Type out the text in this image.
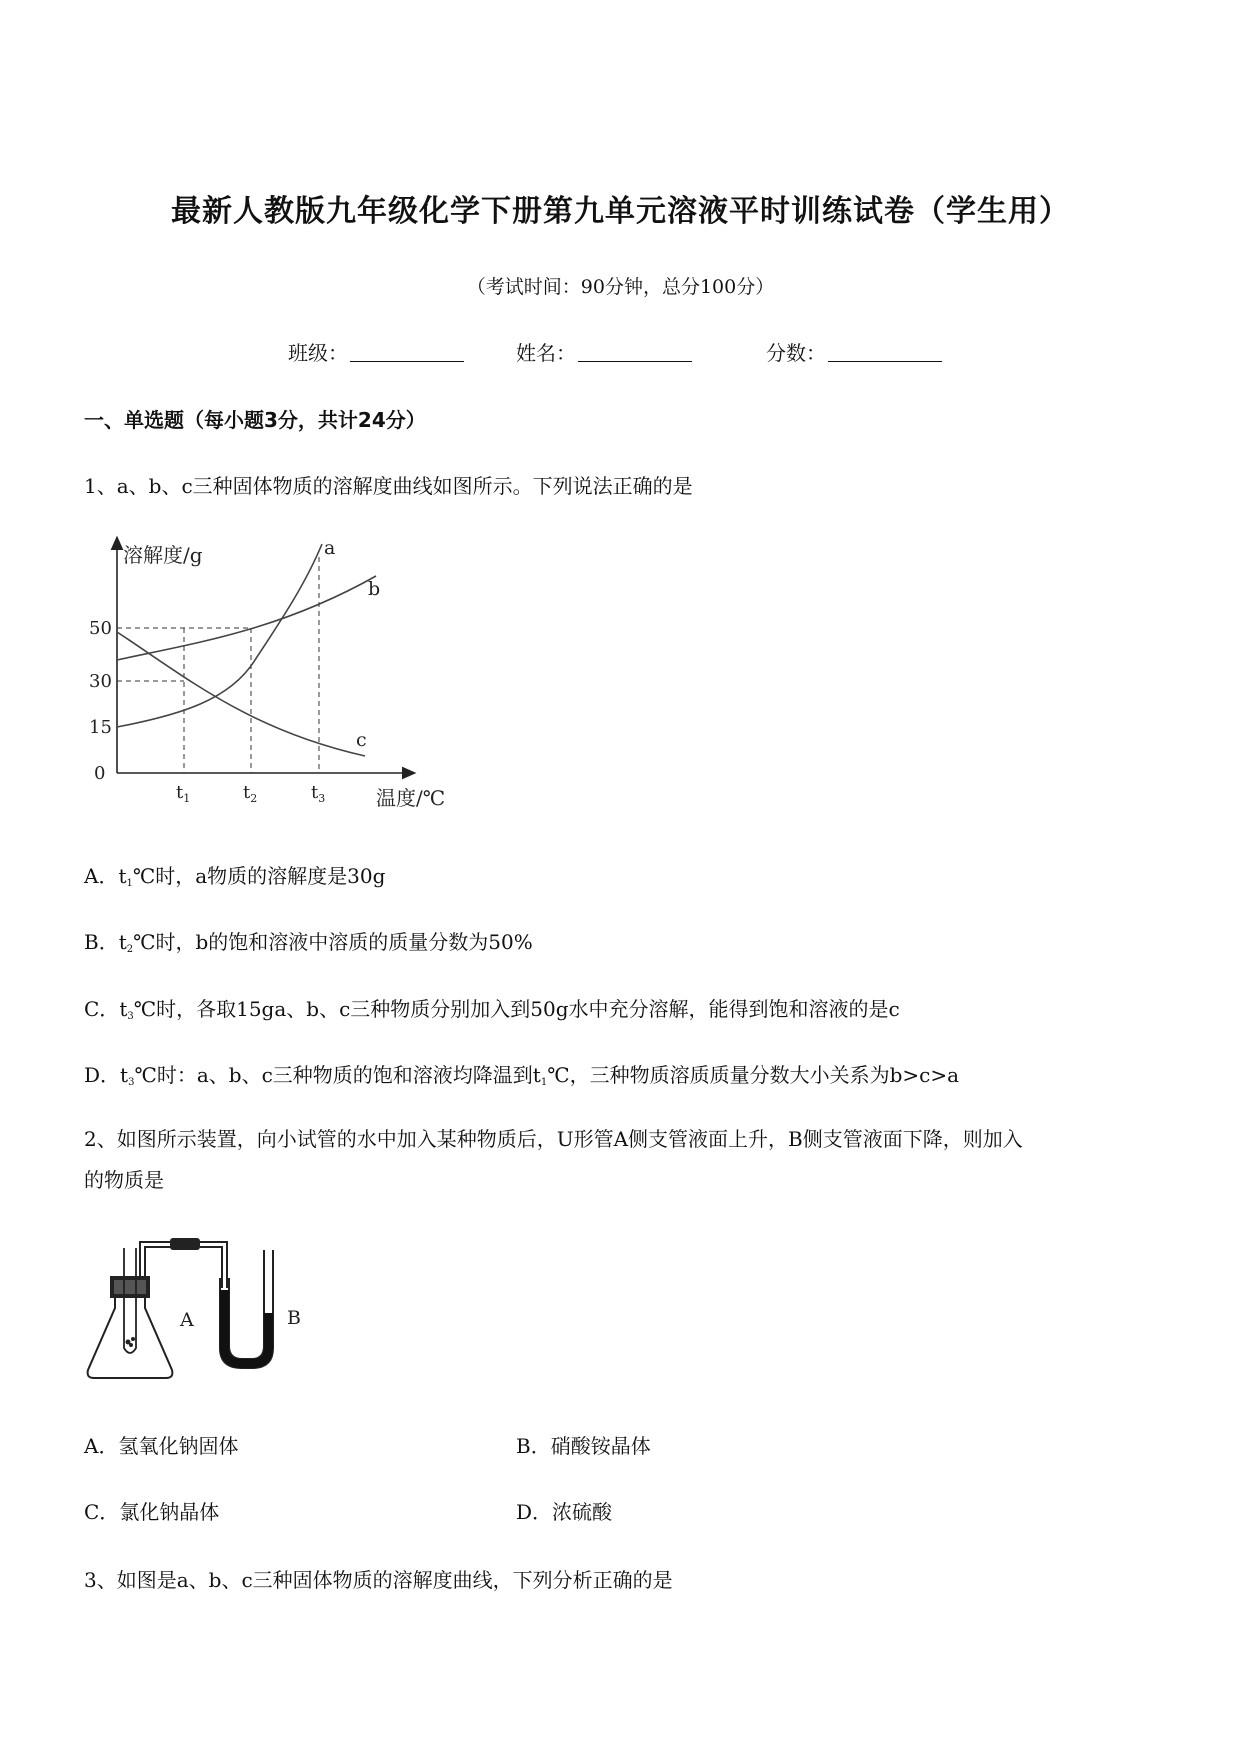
最新人教版九年级化学下册第九单元溶液平时训练试卷（学生用）
（考试时间：90分钟，总分100分）
班级：	姓名：	分数：
一、单选题（每小题3分，共计24分）
1、a、b、c三种固体物质的溶解度曲线如图所示。下列说法正确的是
溶解度/g
温度/℃
50
30
15
0
$t_1$	$t_2$	$t_3$
a
b
c
A．$t_1℃$时，a物质的溶解度是30g
B．$t_2℃$时，b的饱和溶液中溶质的质量分数为50%
C．$t_3℃$时，各取15ga、b、c三种物质分别加入到50g水中充分溶解，能得到饱和溶液的是c
D．$t_3℃$时：a、b、c三种物质的饱和溶液均降温到$t_1℃$，三种物质溶质质量分数大小关系为b>c>a
2、如图所示装置，向小试管的水中加入某种物质后，U形管A侧支管液面上升，B侧支管液面下降，则加入
的物质是
A	B
A．氢氧化钠固体	B．硝酸铵晶体
C．氯化钠晶体	D．浓硫酸
3、如图是a、b、c三种固体物质的溶解度曲线，下列分析正确的是
